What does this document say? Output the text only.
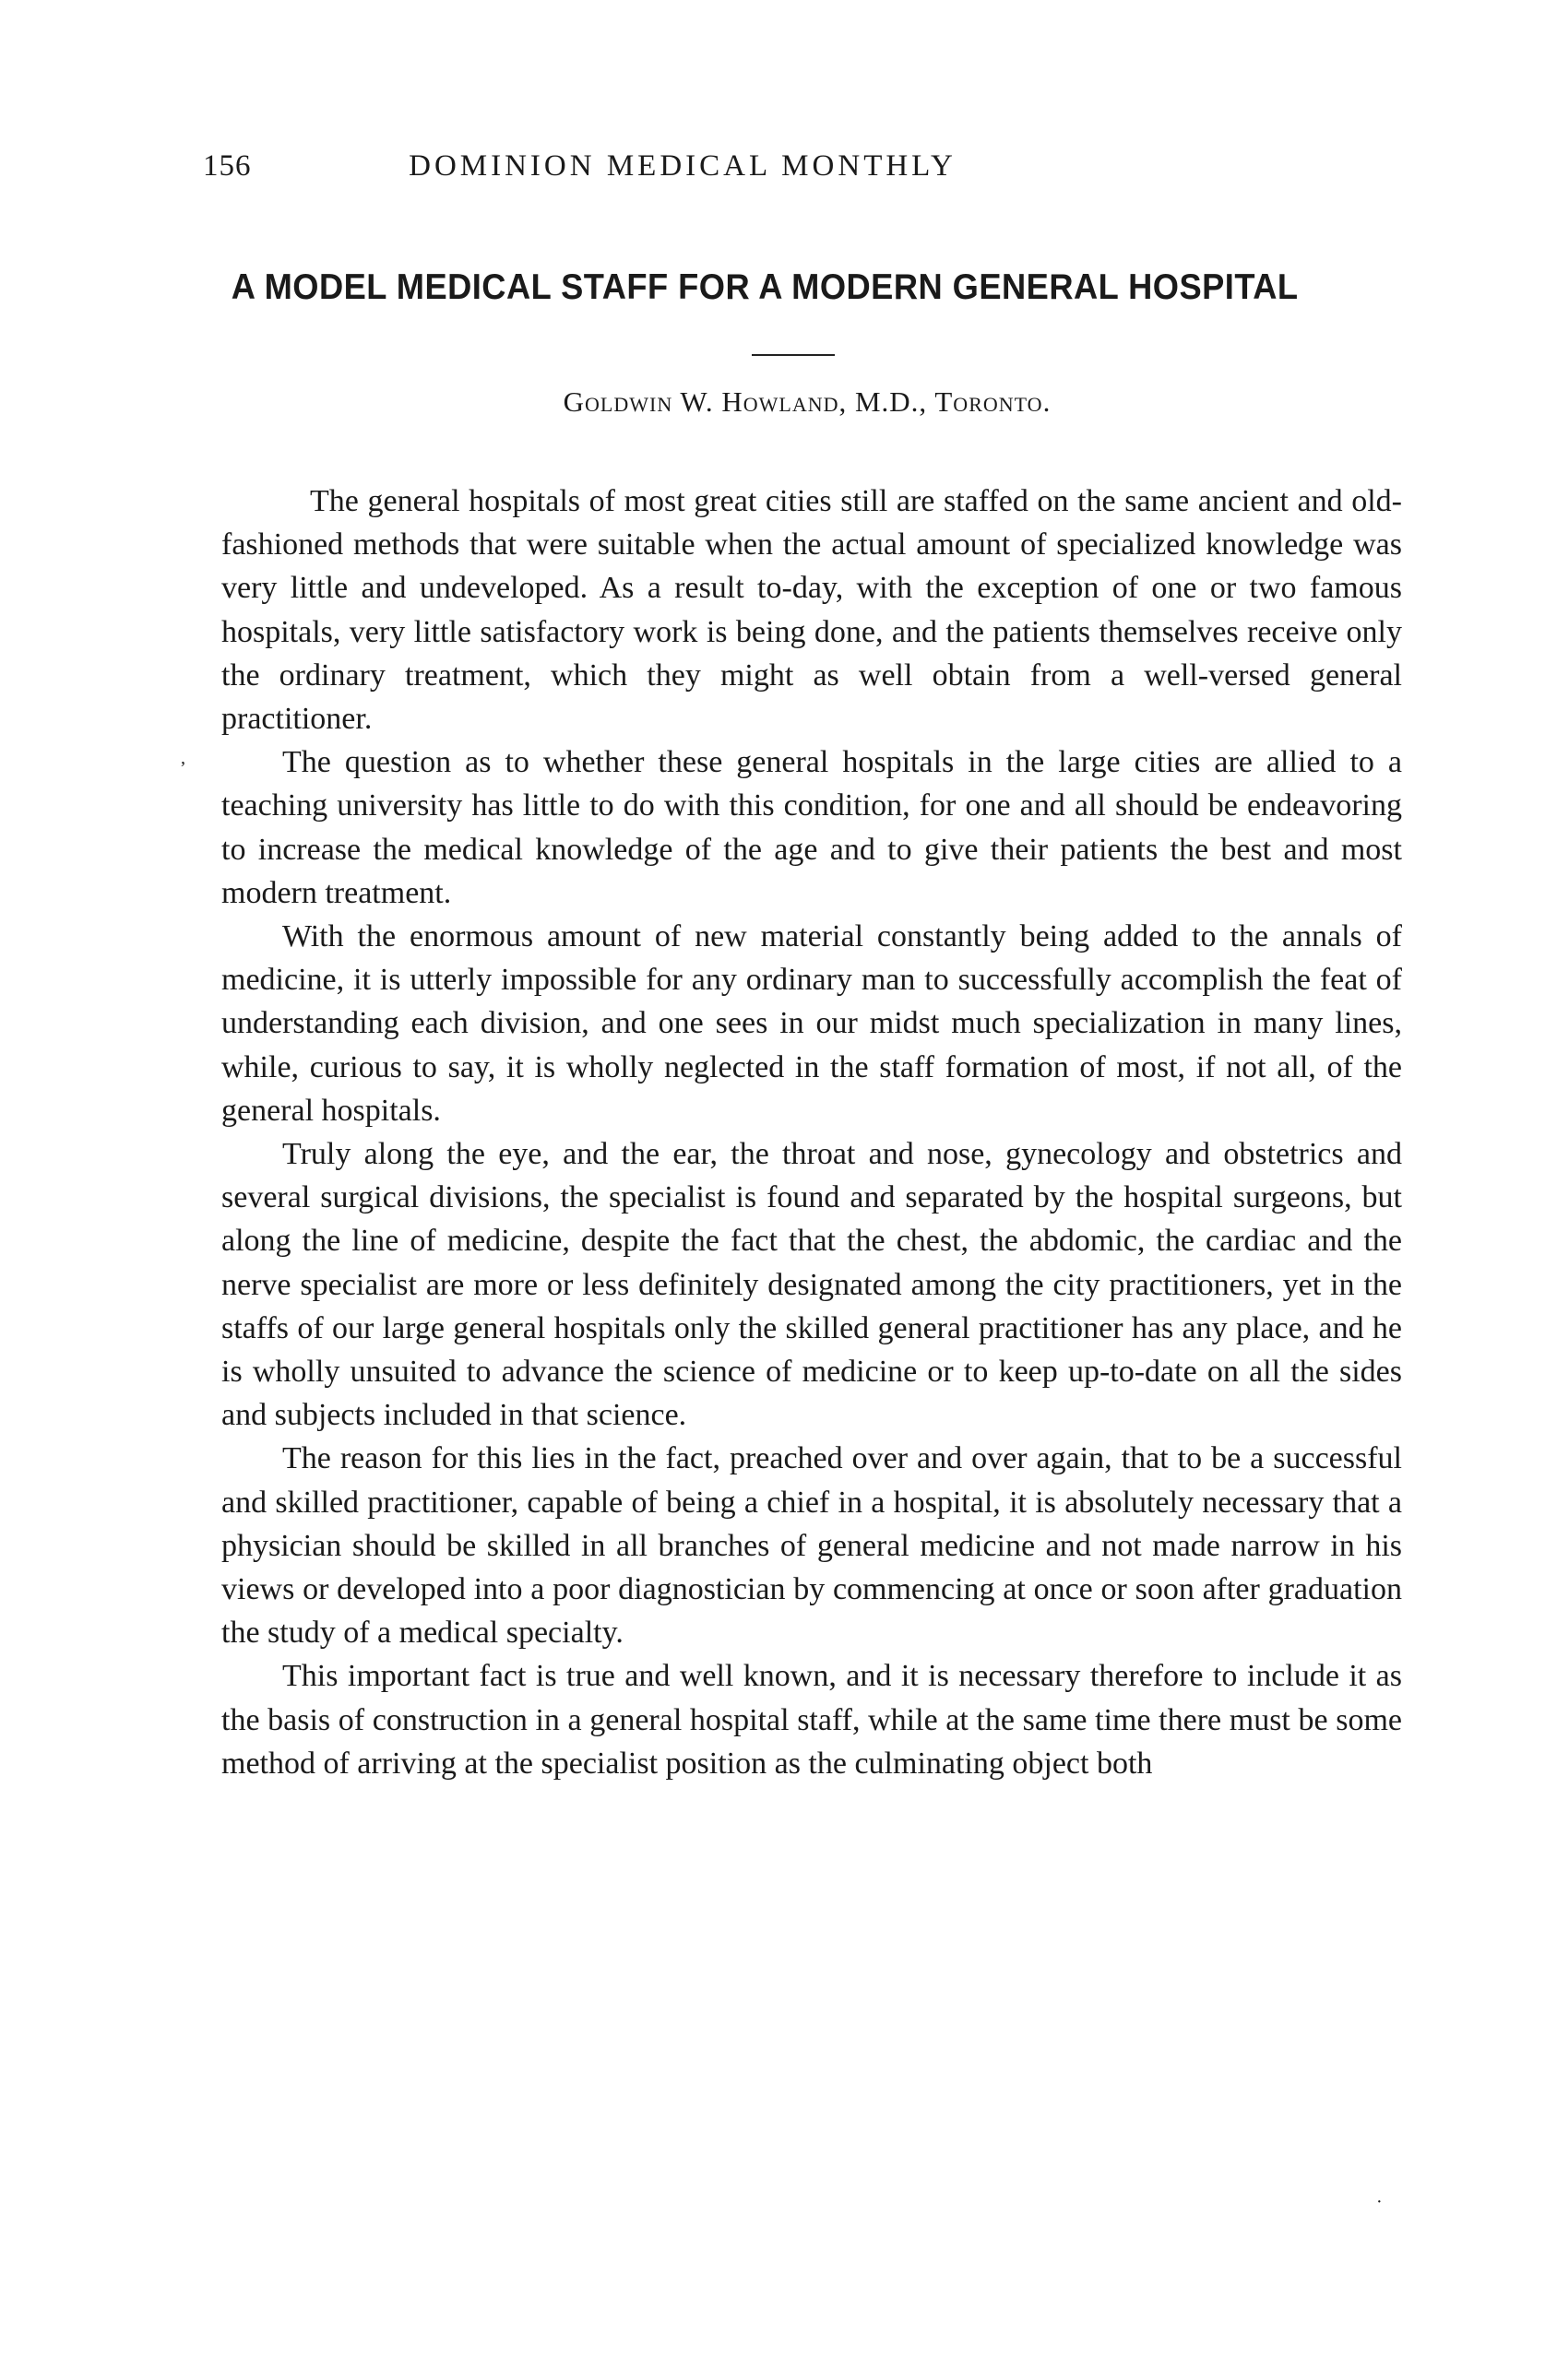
156	DOMINION MEDICAL MONTHLY
A MODEL MEDICAL STAFF FOR A MODERN GENERAL HOSPITAL
Goldwin W. Howland, M.D., Toronto.

The general hospitals of most great cities still are staffed on the same ancient and old-fashioned methods that were suitable when the actual amount of specialized knowledge was very little and undeveloped. As a result to-day, with the exception of one or two famous hospitals, very little satisfactory work is being done, and the patients themselves receive only the ordinary treatment, which they might as well obtain from a well-versed general practitioner.

The question as to whether these general hospitals in the large cities are allied to a teaching university has little to do with this condition, for one and all should be endeavoring to increase the medical knowledge of the age and to give their patients the best and most modern treatment.

With the enormous amount of new material constantly being added to the annals of medicine, it is utterly impossible for any ordinary man to successfully accomplish the feat of understanding each division, and one sees in our midst much specialization in many lines, while, curious to say, it is wholly neglected in the staff formation of most, if not all, of the general hospitals.

Truly along the eye, and the ear, the throat and nose, gynecology and obstetrics and several surgical divisions, the specialist is found and separated by the hospital surgeons, but along the line of medicine, despite the fact that the chest, the abdomic, the cardiac and the nerve specialist are more or less definitely designated among the city practitioners, yet in the staffs of our large general hospitals only the skilled general practitioner has any place, and he is wholly unsuited to advance the science of medicine or to keep up-to-date on all the sides and subjects included in that science.

The reason for this lies in the fact, preached over and over again, that to be a successful and skilled practitioner, capable of being a chief in a hospital, it is absolutely necessary that a physician should be skilled in all branches of general medicine and not made narrow in his views or developed into a poor diagnostician by commencing at once or soon after graduation the study of a medical specialty.

This important fact is true and well known, and it is necessary therefore to include it as the basis of construction in a general hospital staff, while at the same time there must be some method of arriving at the specialist position as the culminating object both

,
·
